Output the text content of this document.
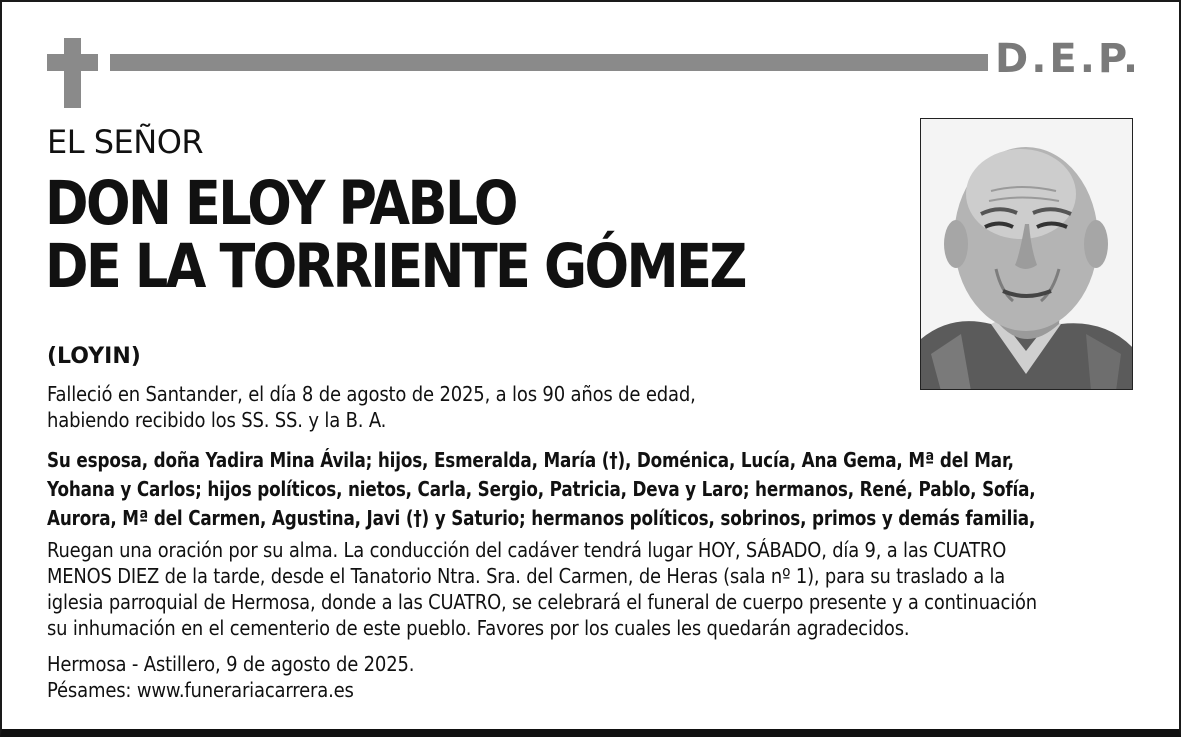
D.E.P.
EL SEÑOR
DON ELOY PABLO
DE LA TORRIENTE GÓMEZ
(LOYIN)
Falleció en Santander, el día 8 de agosto de 2025, a los 90 años de edad,
habiendo recibido los SS. SS. y la B. A.
Su esposa, doña Yadira Mina Ávila; hijos, Esmeralda, María (†), Doménica, Lucía, Ana Gema, Mª del Mar,
Yohana y Carlos; hijos políticos, nietos, Carla, Sergio, Patricia, Deva y Laro; hermanos, René, Pablo, Sofía,
Aurora, Mª del Carmen, Agustina, Javi (†) y Saturio; hermanos políticos, sobrinos, primos y demás familia,
Ruegan una oración por su alma. La conducción del cadáver tendrá lugar HOY, SÁBADO, día 9, a las CUATRO
MENOS DIEZ de la tarde, desde el Tanatorio Ntra. Sra. del Carmen, de Heras (sala nº 1), para su traslado a la
iglesia parroquial de Hermosa, donde a las CUATRO, se celebrará el funeral de cuerpo presente y a continuación
su inhumación en el cementerio de este pueblo. Favores por los cuales les quedarán agradecidos.
Hermosa - Astillero, 9 de agosto de 2025.
Pésames: www.funerariacarrera.es
